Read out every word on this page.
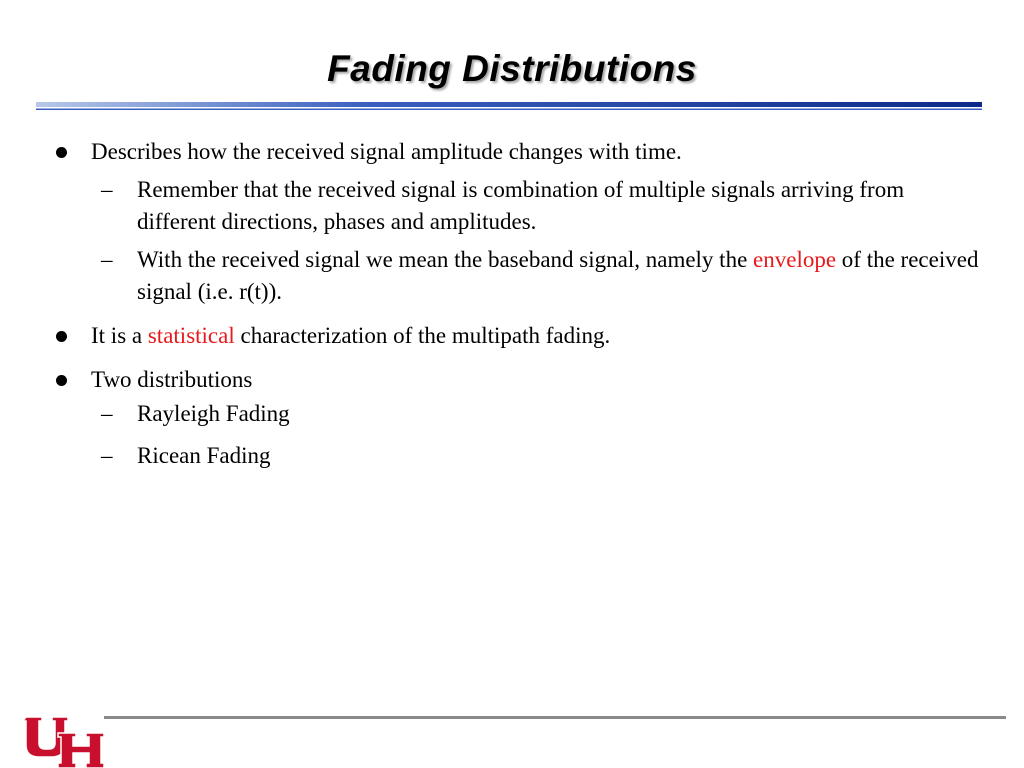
Fading Distributions
Describes how the received signal amplitude changes with time.
– Remember that the received signal is combination of multiple signals arriving from different directions, phases and amplitudes.
– With the received signal we mean the baseband signal, namely the envelope of the received signal (i.e. r(t)).
It is a statistical characterization of the multipath fading.
Two distributions
– Rayleigh Fading
– Ricean Fading
